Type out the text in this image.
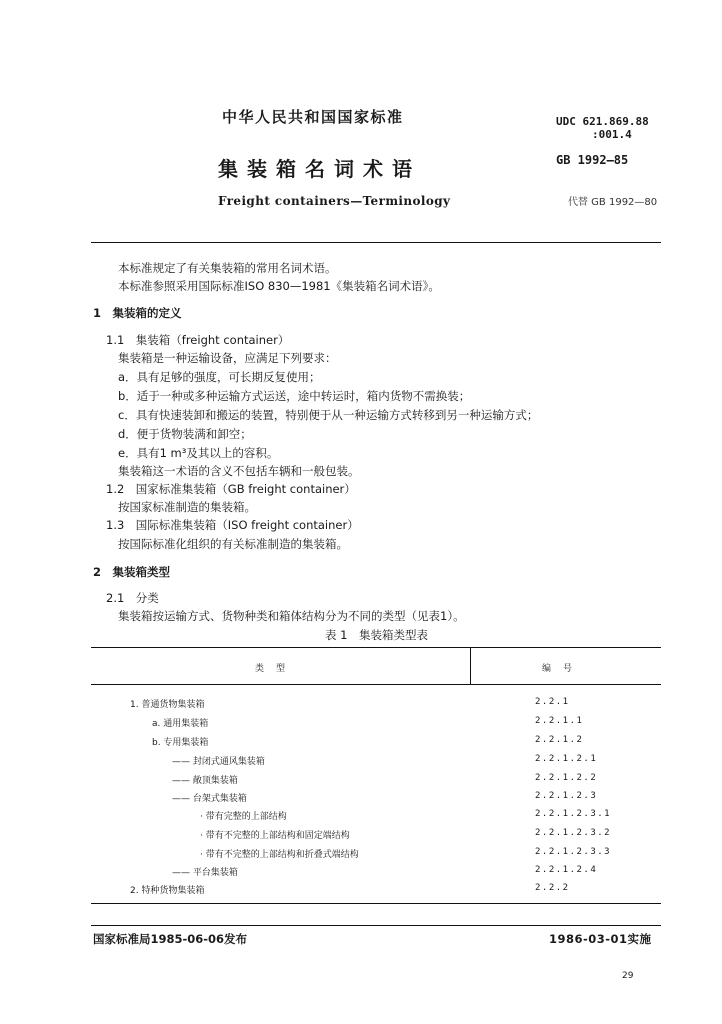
中华人民共和国国家标准
集装箱名词术语
Freight containers—Terminology
UDC 621.869.88
:001.4
GB 1992—85
代替 GB 1992—80
本标准规定了有关集装箱的常用名词术语。
本标准参照采用国际标准ISO 830—1981《集装箱名词术语》。
1　集装箱的定义
1.1　集装箱（freight container）
集装箱是一种运输设备，应满足下列要求：
a．具有足够的强度，可长期反复使用；
b．适于一种或多种运输方式运送，途中转运时，箱内货物不需换装；
c．具有快速装卸和搬运的装置，特别便于从一种运输方式转移到另一种运输方式；
d．便于货物装满和卸空；
e．具有1 m³及其以上的容积。
集装箱这一术语的含义不包括车辆和一般包装。
1.2　国家标准集装箱（GB freight container）
按国家标准制造的集装箱。
1.3　国际标准集装箱（ISO freight container）
按国际标准化组织的有关标准制造的集装箱。
2　集装箱类型
2.1　分类
集装箱按运输方式、货物种类和箱体结构分为不同的类型（见表1）。
表 1　集装箱类型表
类型	编号
1. 普通货物集装箱	2.2.1
a. 通用集装箱	2.2.1.1
b. 专用集装箱	2.2.1.2
—— 封闭式通风集装箱	2.2.1.2.1
—— 敞顶集装箱	2.2.1.2.2
—— 台架式集装箱	2.2.1.2.3
· 带有完整的上部结构	2.2.1.2.3.1
· 带有不完整的上部结构和固定端结构	2.2.1.2.3.2
· 带有不完整的上部结构和折叠式端结构	2.2.1.2.3.3
—— 平台集装箱	2.2.1.2.4
2. 特种货物集装箱	2.2.2
国家标准局1985-06-06发布	1986-03-01实施
29
